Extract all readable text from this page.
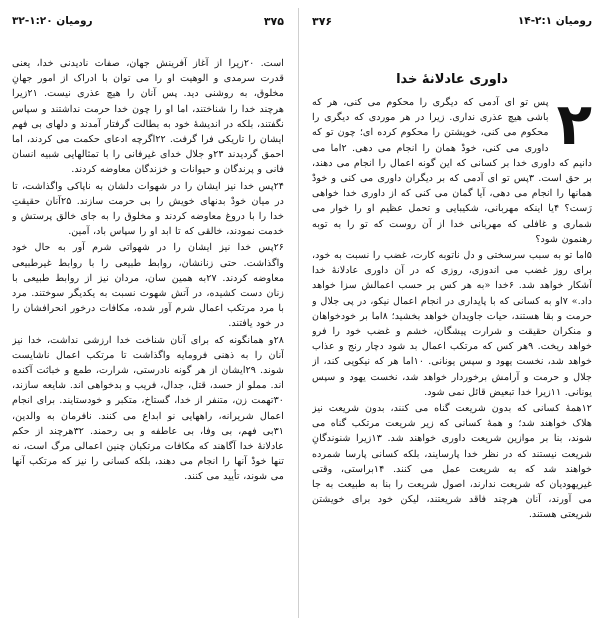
۳۷۵
رومیان ۱:۲۰-۳۲

است. ۲۰زیرا از آغاز آفرینش جهان، صفات نادیدنی خدا، یعنی قدرت سرمدی و الوهیت او را می توان با ادراک از امور جهانِ مخلوق، به روشنی دید. پس آنان را هیچ عذری نیست. ۲۱زیرا هرچند خدا را شناختند، اما او را چون خدا حرمت نداشتند و سپاس نگفتند، بلکه در اندیشهٔ خود به بطالت گرفتار آمدند و دلهای بی فهم ایشان را تاریکی فرا گرفت. ۲۲اگرچه ادعای حکمت می کردند، اما احمق گردیدند ۲۳و جلال خدای غیرفانی را با تمثالهایی شبیه انسان فانی و پرندگان و حیوانات و خزندگان معاوضه کردند.

۲۴پس خدا نیز ایشان را در شهوات دلشان به ناپاکی واگذاشت، تا در میان خودْ بدنهای خویش را بی حرمت سازند. ۲۵آنان حقیقتِ خدا را با دروغ معاوضه کردند و مخلوق را به جای خالق پرستش و خدمت نمودند، خالقی که تا ابد او را سپاس باد، آمین.

۲۶پس خدا نیز ایشان را در شهواتی شرم آور به حال خود واگذاشت. حتی زنانشان، روابط طبیعی را با روابط غیرطبیعی معاوضه کردند. ۲۷به همین سان، مردان نیز از روابط طبیعی با زنان دست کشیده، در آتش شهوت نسبت به یکدیگر سوختند. مرد با مرد مرتکب اعمال شرم آور شده، مکافات درخور انحرافشان را در خود یافتند.

۲۸و همانگونه که برای آنان شناخت خدا ارزشی نداشت، خدا نیز آنان را به ذهنی فرومایه واگذاشت تا مرتکب اعمال ناشایست شوند. ۲۹ایشان از هر گونه نادرستی، شرارت، طمع و خباثت آکنده اند. مملو از حسد، قتل، جدال، فریب و بدخواهی اند. شایعه سازند، ۳۰تهمت زن، متنفر از خدا، گستاخ، متکبر و خودستایند. برای انجام اعمال شریرانه، راههایی نو ابداع می کنند. نافرمان به والدین، ۳۱بی فهم، بی وفا، بی عاطفه و بی رحمند. ۳۲هرچند از حکم عادلانهٔ خدا آگاهند که مکافات مرتکبان چنین اعمالی مرگ است، نه تنها خودْ آنها را انجام می دهند، بلکه کسانی را نیز که مرتکب آنها می شوند، تأیید می کنند.

رومیان ۲:۱-۱۴
۳۷۶
داوری عادلانهٔ خدا
۲

پس تو ای آدمی که دیگری را محکوم می کنی، هر که باشی هیچ عذری نداری. زیرا در هر موردی که دیگری را محکوم می کنی، خویشتن را محکوم کرده ای؛ چون تو که داوری می کنی، خودْ همان را انجام می دهی. ۲اما می دانیم که داوری خدا بر کسانی که این گونه اعمال را انجام می دهند، بر حق است. ۳پس تو ای آدمی که بر دیگران داوری می کنی و خودْ همانها را انجام می دهی، آیا گمان می کنی که از داوری خدا خواهی رَست؟ ۴یا اینکه مهربانی، شکیبایی و تحمل عظیم او را خوار می شماری و غافلی که مهربانی خدا از آن روست که تو را به توبه رهنمون شود؟

۵اما تو به سبب سرسختی و دل ناتوبه کارت، غضب را نسبت به خود، برای روز غضب می اندوزی، روزی که در آن داوری عادلانهٔ خدا آشکار خواهد شد. ۶خدا «به هر کس بر حسب اعمالش سزا خواهد داد.» ۷او به کسانی که با پایداری در انجام اعمال نیکو، در پی جلال و حرمت و بقا هستند، حیات جاویدان خواهد بخشید؛ ۸اما بر خودخواهان و منکران حقیقت و شرارت پیشگان، خشم و غضب خود را فرو خواهد ریخت. ۹هر کس که مرتکب اعمال بد شود دچار رنج و عذاب خواهد شد، نخست یهود و سپس یونانی. ۱۰اما هر که نیکویی کند، از جلال و حرمت و آرامش برخوردار خواهد شد، نخست یهود و سپس یونانی. ۱۱زیرا خدا تبعیض قائل نمی شود.

۱۲همهٔ کسانی که بدون شریعت گناه می کنند، بدون شریعت نیز هلاک خواهند شد؛ و همهٔ کسانی که زیر شریعت مرتکب گناه می شوند، بنا بر موازین شریعت داوری خواهند شد. ۱۳زیرا شنوندگانِ شریعت نیستند که در نظر خدا پارسایند، بلکه کسانی پارسا شمرده خواهند شد که به شریعت عمل می کنند. ۱۴براستی، وقتی غیریهودیان که شریعت ندارند، اصول شریعت را بنا به طبیعت به جا می آورند، آنان هرچند فاقد شریعتند، لیکن خود برای خویشتن شریعتی هستند.
